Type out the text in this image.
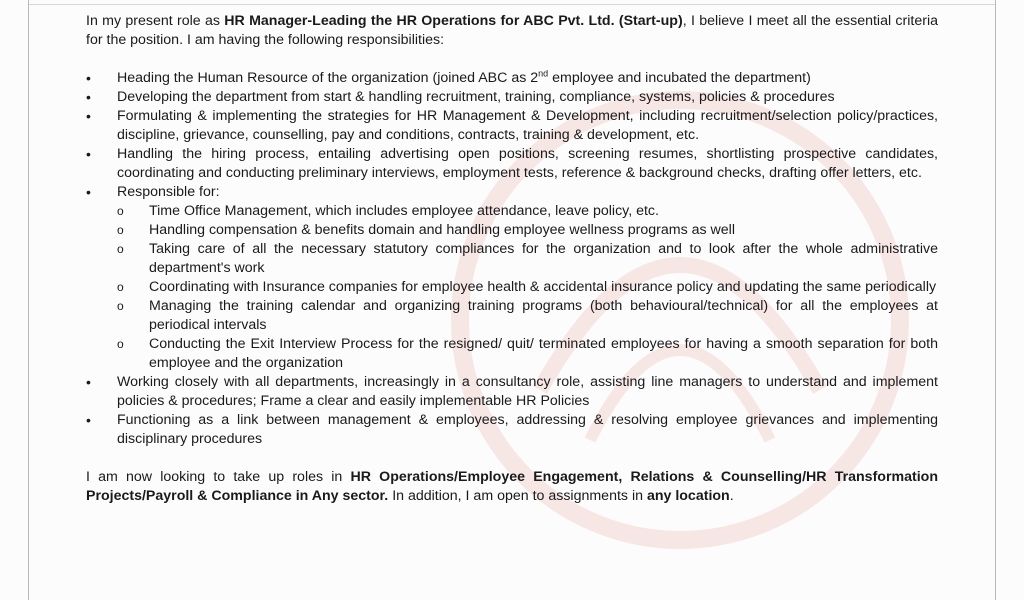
In my present role as HR Manager-Leading the HR Operations for ABC Pvt. Ltd. (Start-up), I believe I meet all the essential criteria for the position. I am having the following responsibilities:

• Heading the Human Resource of the organization (joined ABC as 2nd employee and incubated the department)
• Developing the department from start & handling recruitment, training, compliance, systems, policies & procedures
• Formulating & implementing the strategies for HR Management & Development, including recruitment/selection policy/practices, discipline, grievance, counselling, pay and conditions, contracts, training & development, etc.
• Handling the hiring process, entailing advertising open positions, screening resumes, shortlisting prospective candidates, coordinating and conducting preliminary interviews, employment tests, reference & background checks, drafting offer letters, etc.
• Responsible for:
o Time Office Management, which includes employee attendance, leave policy, etc.
o Handling compensation & benefits domain and handling employee wellness programs as well
o Taking care of all the necessary statutory compliances for the organization and to look after the whole administrative department's work
o Coordinating with Insurance companies for employee health & accidental insurance policy and updating the same periodically
o Managing the training calendar and organizing training programs (both behavioural/technical) for all the employees at periodical intervals
o Conducting the Exit Interview Process for the resigned/ quit/ terminated employees for having a smooth separation for both employee and the organization
• Working closely with all departments, increasingly in a consultancy role, assisting line managers to understand and implement policies & procedures; Frame a clear and easily implementable HR Policies
• Functioning as a link between management & employees, addressing & resolving employee grievances and implementing disciplinary procedures

I am now looking to take up roles in HR Operations/Employee Engagement, Relations & Counselling/HR Transformation Projects/Payroll & Compliance in Any sector. In addition, I am open to assignments in any location.
